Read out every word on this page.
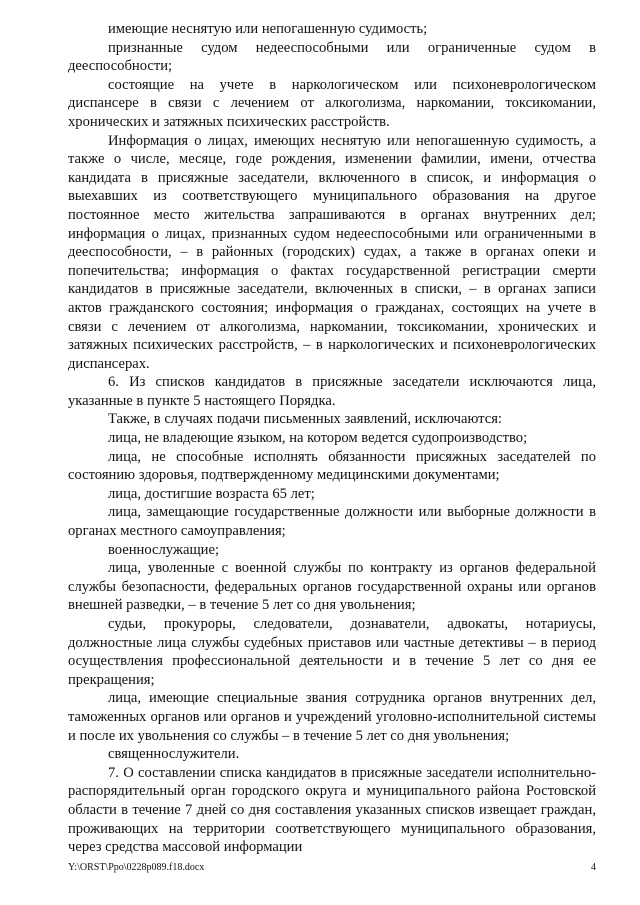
имеющие неснятую или непогашенную судимость;

признанные судом недееспособными или ограниченные судом в дееспособности;

состоящие на учете в наркологическом или психоневрологическом диспансере в связи с лечением от алкоголизма, наркомании, токсикомании, хронических и затяжных психических расстройств.

Информация о лицах, имеющих неснятую или непогашенную судимость, а также о числе, месяце, годе рождения, изменении фамилии, имени, отчества кандидата в присяжные заседатели, включенного в список, и информация о выехавших из соответствующего муниципального образования на другое постоянное место жительства запрашиваются в органах внутренних дел; информация о лицах, признанных судом недееспособными или ограниченными в дееспособности, – в районных (городских) судах, а также в органах опеки и попечительства; информация о фактах государственной регистрации смерти кандидатов в присяжные заседатели, включенных в списки, – в органах записи актов гражданского состояния; информация о гражданах, состоящих на учете в связи с лечением от алкоголизма, наркомании, токсикомании, хронических и затяжных психических расстройств, – в наркологических и психоневрологических диспансерах.

6. Из списков кандидатов в присяжные заседатели исключаются лица, указанные в пункте 5 настоящего Порядка.

Также, в случаях подачи письменных заявлений, исключаются:

лица, не владеющие языком, на котором ведется судопроизводство;

лица, не способные исполнять обязанности присяжных заседателей по состоянию здоровья, подтвержденному медицинскими документами;

лица, достигшие возраста 65 лет;

лица, замещающие государственные должности или выборные должности в органах местного самоуправления;

военнослужащие;

лица, уволенные с военной службы по контракту из органов федеральной службы безопасности, федеральных органов государственной охраны или органов внешней разведки, – в течение 5 лет со дня увольнения;

судьи, прокуроры, следователи, дознаватели, адвокаты, нотариусы, должностные лица службы судебных приставов или частные детективы – в период осуществления профессиональной деятельности и в течение 5 лет со дня ее прекращения;

лица, имеющие специальные звания сотрудника органов внутренних дел, таможенных органов или органов и учреждений уголовно-исполнительной системы и после их увольнения со службы – в течение 5 лет со дня увольнения;

священнослужители.

7. О составлении списка кандидатов в присяжные заседатели исполнительно-распорядительный орган городского округа и муниципального района Ростовской области в течение 7 дней со дня составления указанных списков извещает граждан, проживающих на территории соответствующего муниципального образования, через средства массовой информации

Y:\ORST\Ppo\0228p089.f18.docx	4
